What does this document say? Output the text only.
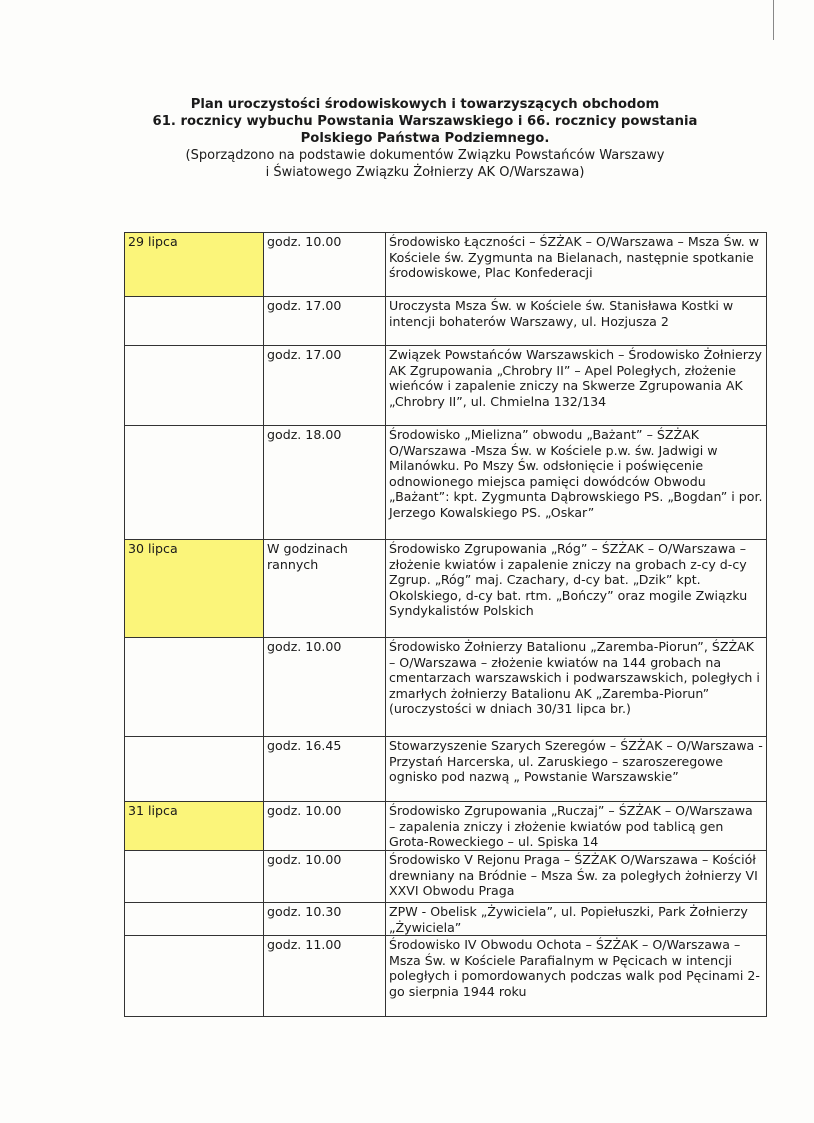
Plan uroczystości środowiskowych i towarzyszących obchodom

61. rocznicy wybuchu Powstania Warszawskiego i 66. rocznicy powstania

Polskiego Państwa Podziemnego.

(Sporządzono na podstawie dokumentów Związku Powstańców Warszawy

i Światowego Związku Żołnierzy AK O/Warszawa)

29 lipca	godz. 10.00	Środowisko Łączności – ŚZŻAK – O/Warszawa – Msza Św. w Kościele św. Zygmunta na Bielanach, następnie spotkanie środowiskowe, Plac Konfederacji
	godz. 17.00	Uroczysta Msza Św. w Kościele św. Stanisława Kostki w intencji bohaterów Warszawy, ul. Hozjusza 2
	godz. 17.00	Związek Powstańców Warszawskich – Środowisko Żołnierzy AK Zgrupowania „Chrobry II” – Apel Poległych, złożenie wieńców i zapalenie zniczy na Skwerze Zgrupowania AK „Chrobry II”, ul. Chmielna 132/134
	godz. 18.00	Środowisko „Mielizna” obwodu „Bażant” – ŚZŻAK O/Warszawa -Msza Św. w Kościele p.w. św. Jadwigi w Milanówku. Po Mszy Św. odsłonięcie i poświęcenie odnowionego miejsca pamięci dowódców Obwodu „Bażant”: kpt. Zygmunta Dąbrowskiego PS. „Bogdan” i por. Jerzego Kowalskiego PS. „Oskar”
30 lipca	W godzinach rannych	Środowisko Zgrupowania „Róg” – ŚZŻAK – O/Warszawa – złożenie kwiatów i zapalenie zniczy na grobach z-cy d-cy Zgrup. „Róg” maj. Czachary, d-cy bat. „Dzik” kpt. Okolskiego, d-cy bat. rtm. „Bończy” oraz mogile Związku Syndykalistów Polskich
	godz. 10.00	Środowisko Żołnierzy Batalionu „Zaremba-Piorun”, ŚZŻAK – O/Warszawa – złożenie kwiatów na 144 grobach na cmentarzach warszawskich i podwarszawskich, poległych i zmarłych żołnierzy Batalionu AK „Zaremba-Piorun” (uroczystości w dniach 30/31 lipca br.)
	godz. 16.45	Stowarzyszenie Szarych Szeregów – ŚZŻAK – O/Warszawa - Przystań Harcerska, ul. Zaruskiego – szaroszeregowe ognisko pod nazwą „ Powstanie Warszawskie”
31 lipca	godz. 10.00	Środowisko Zgrupowania „Ruczaj” – ŚZŻAK – O/Warszawa – zapalenia zniczy i złożenie kwiatów pod tablicą gen Grota-Roweckiego – ul. Spiska 14
	godz. 10.00	Środowisko V Rejonu Praga – ŚZŻAK O/Warszawa – Kościół drewniany na Bródnie – Msza Św. za poległych żołnierzy VI XXVI Obwodu Praga
	godz. 10.30	ZPW - Obelisk „Żywiciela”, ul. Popiełuszki, Park Żołnierzy „Żywiciela”
	godz. 11.00	Środowisko IV Obwodu Ochota – ŚZŻAK – O/Warszawa – Msza Św. w Kościele Parafialnym w Pęcicach w intencji poległych i pomordowanych podczas walk pod Pęcinami 2-go sierpnia 1944 roku
